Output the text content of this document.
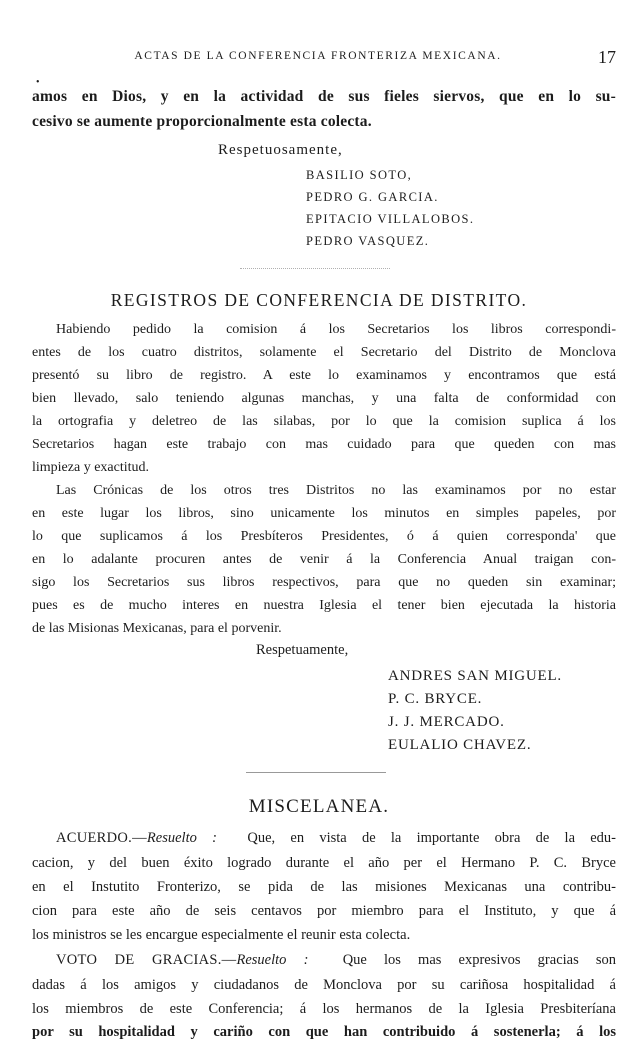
ACTAS DE LA CONFERENCIA FRONTERIZA MEXICANA.	17
•
amos en Dios, y en la actividad de sus fieles siervos, que en lo su-
cesivo se aumente proporcionalmente esta colecta.
Respetuosamente,
BASILIO SOTO,
PEDRO G. GARCIA.
EPITACIO VILLALOBOS.
PEDRO VASQUEZ.
REGISTROS DE CONFERENCIA DE DISTRITO.
Habiendo pedido la comision á los Secretarios los libros correspondi-
entes de los cuatro distritos, solamente el Secretario del Distrito de Monclova
presentó su libro de registro. A este lo examinamos y encontramos que está
bien llevado, salo teniendo algunas manchas, y una falta de conformidad con
la ortografia y deletreo de las silabas, por lo que la comision suplica á los
Secretarios hagan este trabajo con mas cuidado para que queden con mas
limpieza y exactitud.
Las Crónicas de los otros tres Distritos no las examinamos por no estar
en este lugar los libros, sino unicamente los minutos en simples papeles, por
lo que suplicamos á los Presbíteros Presidentes, ó á quien corresponda' que
en lo adalante procuren antes de venir á la Conferencia Anual traigan con-
sigo los Secretarios sus libros respectivos, para que no queden sin examinar;
pues es de mucho interes en nuestra Iglesia el tener bien ejecutada la historia
de las Misionas Mexicanas, para el porvenir.
Respetuamente,
ANDRES SAN MIGUEL.
P. C. BRYCE.
J. J. MERCADO.
EULALIO CHAVEZ.
MISCELANEA.
ACUERDO.—Resuelto : Que, en vista de la importante obra de la edu-
cacion, y del buen éxito logrado durante el año per el Hermano P. C. Bryce
en el Instutito Fronterizo, se pida de las misiones Mexicanas una contribu-
cion para este año de seis centavos por miembro para el Instituto, y que á
los ministros se les encargue especialmente el reunir esta colecta.
VOTO DE GRACIAS.—Resuelto : Que los mas expresivos gracias son
dadas á los amigos y ciudadanos de Monclova por su cariñosa hospitalidad á
los miembros de este Conferencia; á los hermanos de la Iglesia Presbiteríana
por su hospitalidad y cariño con que han contribuido á sostenerla; á los
